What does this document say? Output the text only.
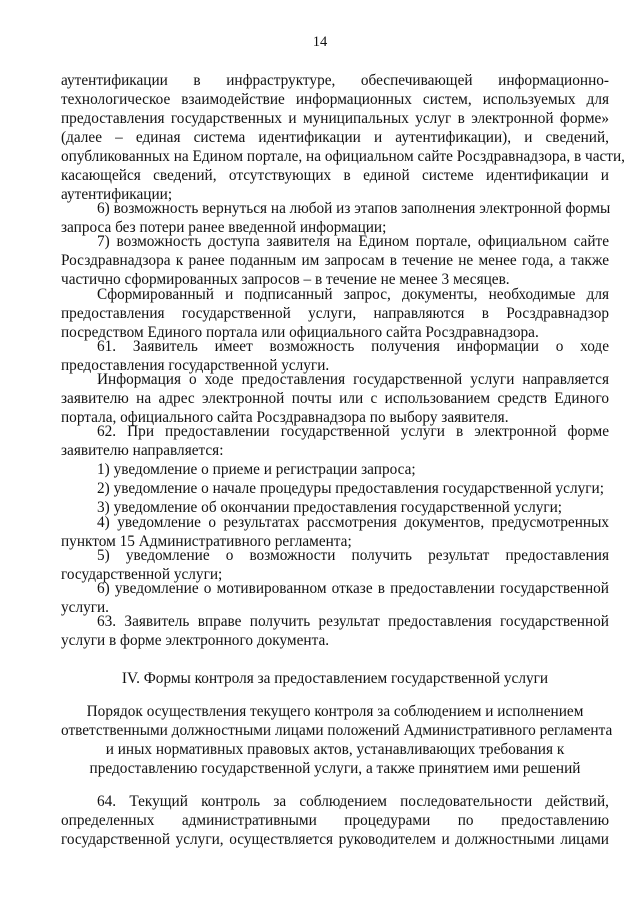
14
аутентификации в инфраструктуре, обеспечивающей информационно-
технологическое взаимодействие информационных систем, используемых для
предоставления государственных и муниципальных услуг в электронной форме»
(далее – единая система идентификации и аутентификации), и сведений,
опубликованных на Едином портале, на официальном сайте Росздравнадзора, в части,
касающейся сведений, отсутствующих в единой системе идентификации и
аутентификации;
6) возможность вернуться на любой из этапов заполнения электронной формы
запроса без потери ранее введенной информации;
7) возможность доступа заявителя на Едином портале, официальном сайте
Росздравнадзора к ранее поданным им запросам в течение не менее года, а также
частично сформированных запросов – в течение не менее 3 месяцев.
Сформированный и подписанный запрос, документы, необходимые для
предоставления государственной услуги, направляются в Росздравнадзор
посредством Единого портала или официального сайта Росздравнадзора.
61. Заявитель имеет возможность получения информации о ходе
предоставления государственной услуги.
Информация о ходе предоставления государственной услуги направляется
заявителю на адрес электронной почты или с использованием средств Единого
портала, официального сайта Росздравнадзора по выбору заявителя.
62. При предоставлении государственной услуги в электронной форме
заявителю направляется:
1) уведомление о приеме и регистрации запроса;
2) уведомление о начале процедуры предоставления государственной услуги;
3) уведомление об окончании предоставления государственной услуги;
4) уведомление о результатах рассмотрения документов, предусмотренных
пунктом 15 Административного регламента;
5) уведомление о возможности получить результат предоставления
государственной услуги;
6) уведомление о мотивированном отказе в предоставлении государственной
услуги.
63. Заявитель вправе получить результат предоставления государственной
услуги в форме электронного документа.
IV. Формы контроля за предоставлением государственной услуги
Порядок осуществления текущего контроля за соблюдением и исполнением
ответственными должностными лицами положений Административного регламента
и иных нормативных правовых актов, устанавливающих требования к
предоставлению государственной услуги, а также принятием ими решений
64. Текущий контроль за соблюдением последовательности действий,
определенных административными процедурами по предоставлению
государственной услуги, осуществляется руководителем и должностными лицами
